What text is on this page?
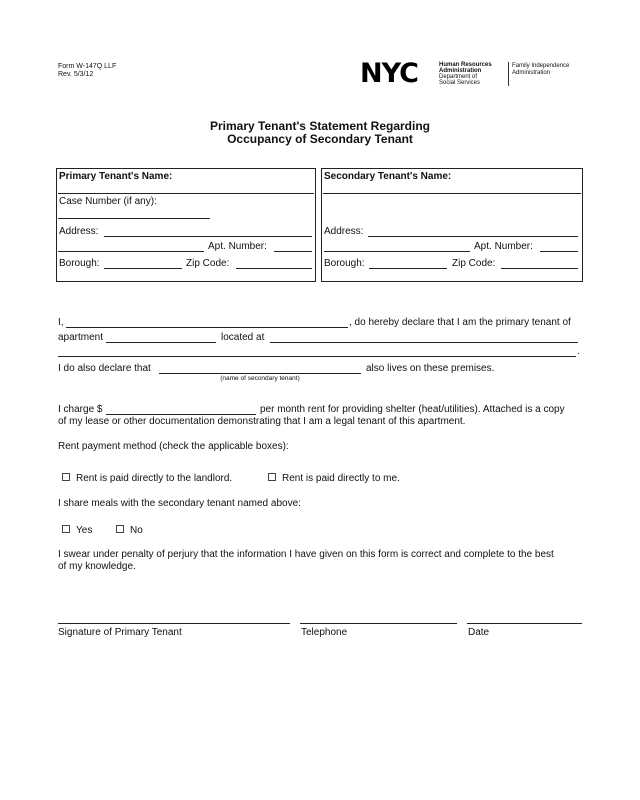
Form W-147Q LLF
Rev. 5/3/12	NYC	Human Resources
Administration
Department of
Social Services
Family Independence
Administration
Primary Tenant's Statement Regarding
Occupancy of Secondary Tenant
Primary Tenant's Name:
Case Number (if any):
Address:
Apt. Number:
Borough:	Zip Code:
Secondary Tenant's Name:
Address:
Apt. Number:
Borough:	Zip Code:
I,	, do hereby declare that I am the primary tenant of
apartment	located at
.
I do also declare that	also lives on these premises.
(name of secondary tenant)
I charge $	per month rent for providing shelter (heat/utilities). Attached is a copy
of my lease or other documentation demonstrating that I am a legal tenant of this apartment.
Rent payment method (check the applicable boxes):
Rent is paid directly to the landlord.	Rent is paid directly to me.
I share meals with the secondary tenant named above:
Yes	No
I swear under penalty of perjury that the information I have given on this form is correct and complete to the best
of my knowledge.
Signature of Primary Tenant	Telephone	Date
